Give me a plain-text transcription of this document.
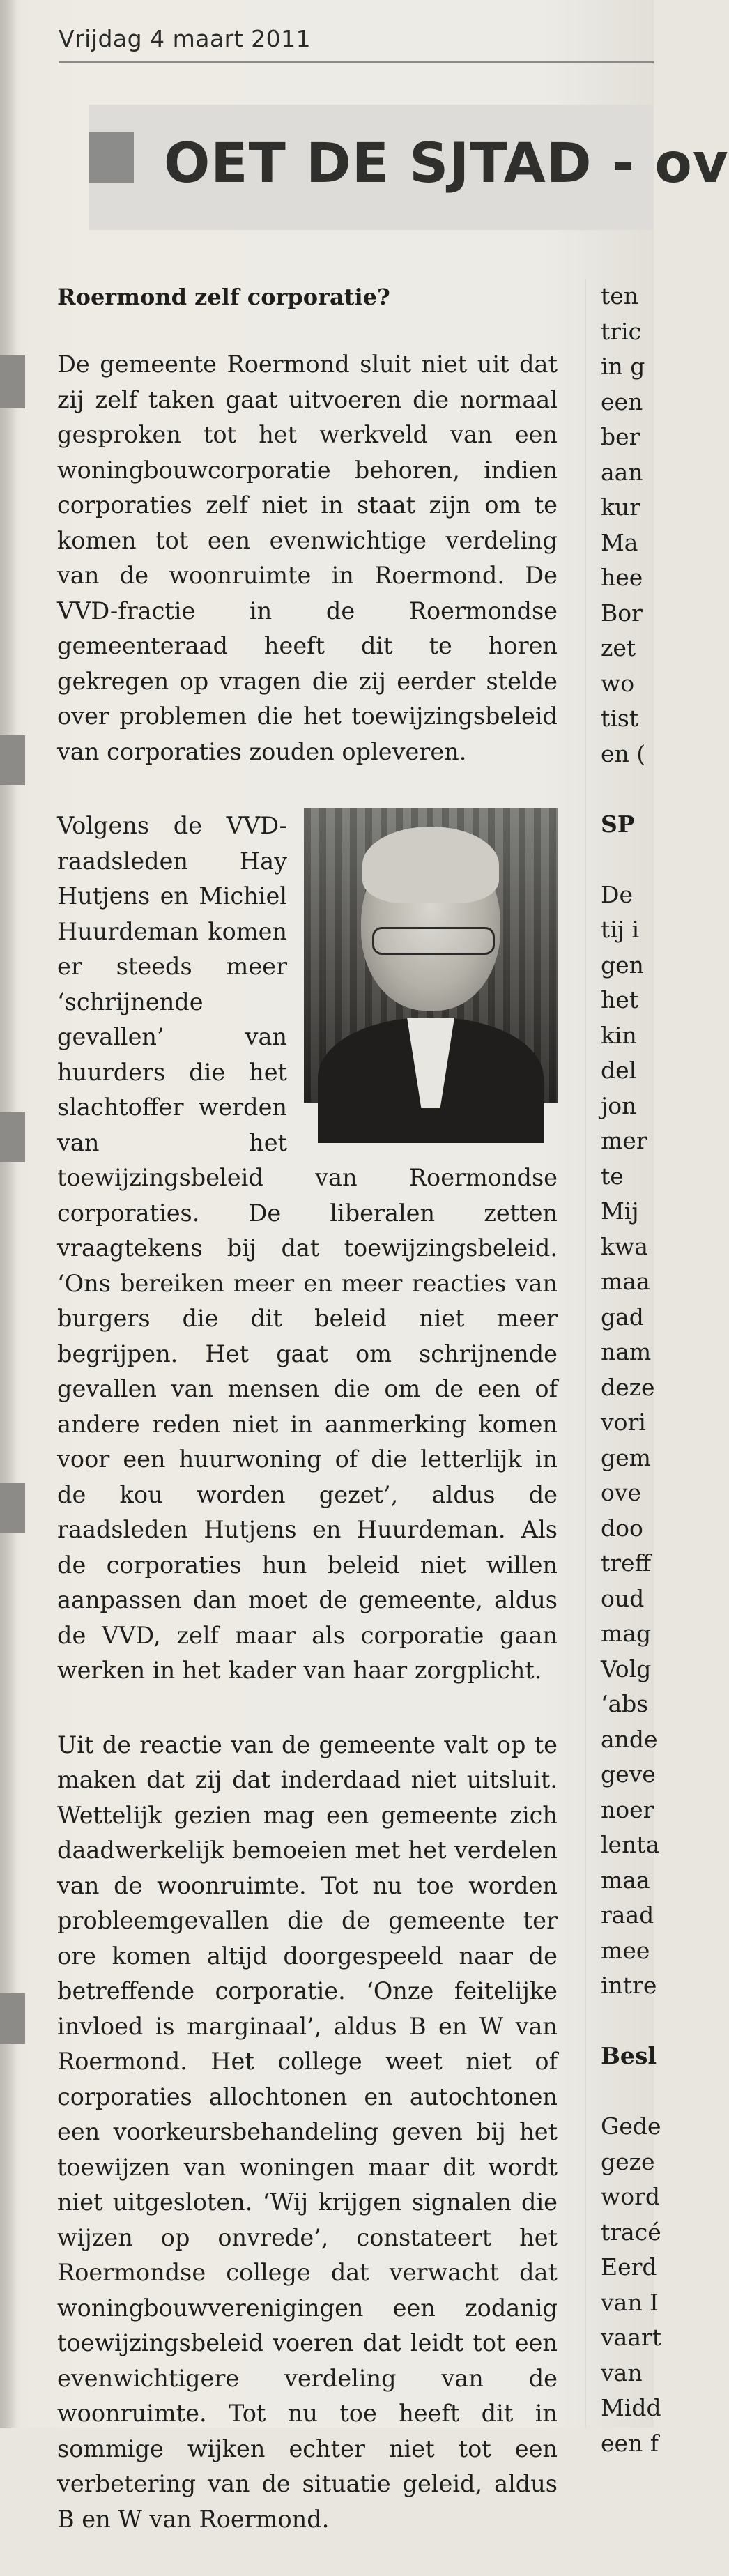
Vrijdag 4 maart 2011
OET DE SJTAD - ov
Roermond zelf corporatie?

De gemeente Roermond sluit niet uit dat zij zelf taken gaat uitvoeren die normaal gesproken tot het werkveld van een woningbouwcorporatie behoren, indien corporaties zelf niet in staat zijn om te komen tot een evenwichtige verdeling van de woonruimte in Roermond. De VVD-fractie in de Roermondse gemeenteraad heeft dit te horen gekregen op vragen die zij eerder stelde over problemen die het toewijzingsbeleid van corporaties zouden opleveren.

Volgens de VVD-raadsleden Hay Hutjens en Michiel Huurdeman komen er steeds meer ‘schrijnende gevallen’ van huurders die het slachtoffer werden van het toewijzingsbeleid van Roermondse corporaties. De liberalen zetten vraagtekens bij dat toewijzingsbeleid. ‘Ons bereiken meer en meer reacties van burgers die dit beleid niet meer begrijpen. Het gaat om schrijnende gevallen van mensen die om de een of andere reden niet in aanmerking komen voor een huurwoning of die letterlijk in de kou worden gezet’, aldus de raadsleden Hutjens en Huurdeman. Als de corporaties hun beleid niet willen aanpassen dan moet de gemeente, aldus de VVD, zelf maar als corporatie gaan werken in het kader van haar zorgplicht.

Uit de reactie van de gemeente valt op te maken dat zij dat inderdaad niet uitsluit. Wettelijk gezien mag een gemeente zich daadwerkelijk bemoeien met het verdelen van de woonruimte. Tot nu toe worden probleemgevallen die de gemeente ter ore komen altijd doorgespeeld naar de betreffende corporatie. ‘Onze feitelijke invloed is marginaal’, aldus B en W van Roermond. Het college weet niet of corporaties allochtonen en autochtonen een voorkeursbehandeling geven bij het toewijzen van woningen maar dit wordt niet uitgesloten. ‘Wij krijgen signalen die wijzen op onvrede’, constateert het Roermondse college dat verwacht dat woningbouwverenigingen een zodanig toewijzingsbeleid voeren dat leidt tot een evenwichtigere verdeling van de woonruimte. Tot nu toe heeft dit in sommige wijken echter niet tot een verbetering van de situatie geleid, aldus B en W van Roermond.

ten
tric
in g
een
ber
aan
kur
Ma
hee
Bor
zet
wo
tist
en (
SP
De
tij i
gen
het
kin
del
jon
mer
te
Mij
kwa
maa
gad
nam
deze
vori
gem
ove
doo
treff
oud
mag
Volg
‘abs
ande
geve
noer
lenta
maa
raad
mee
intre
Besl
Gede
geze
word
tracé
Eerd
van I
vaart
van
Midd
een f
